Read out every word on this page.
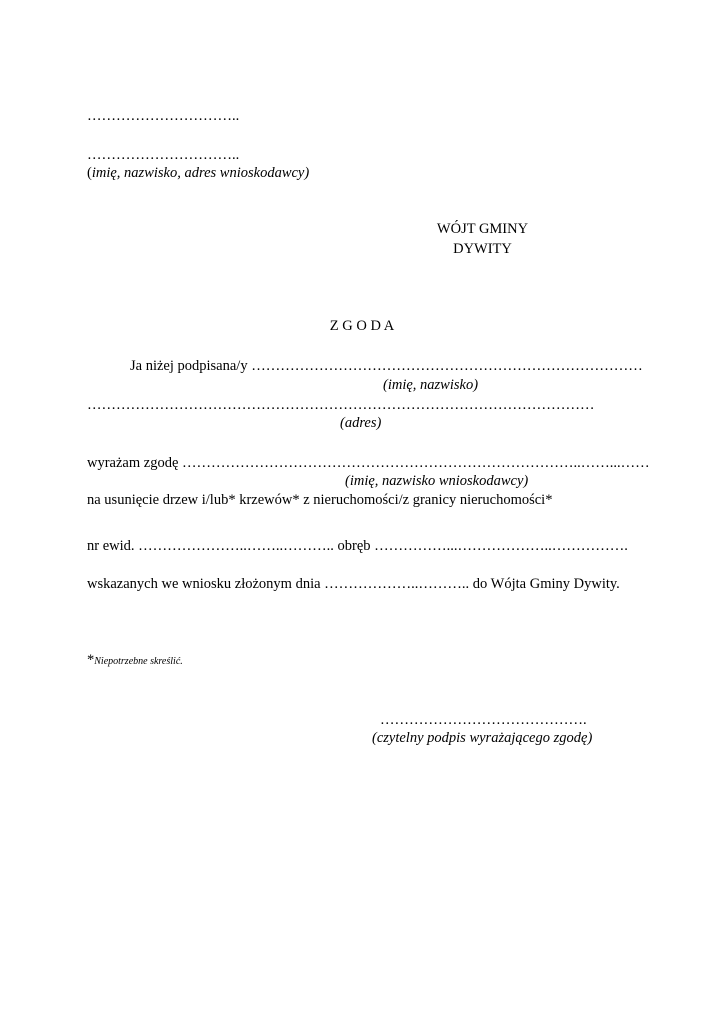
…………………………..
…………………………..
(imię, nazwisko, adres wnioskodawcy)
WÓJT GMINY
DYWITY
Z G O D A
Ja niżej podpisana/y ………………………………………………………………………
(imię, nazwisko)
……………………………………………………………………………………………
(adres)
wyrażam zgodę ………………………………………………………………………..……...……
(imię, nazwisko wnioskodawcy)
na usunięcie drzew i/lub* krzewów* z nieruchomości/z granicy nieruchomości*
nr ewid. …………………..……..……….. obręb ……………...………………..…………….
wskazanych we wniosku złożonym dnia ………………..……….. do Wójta Gminy Dywity.
*Niepotrzebne skreślić.
…………………………………….
(czytelny podpis wyrażającego zgodę)
